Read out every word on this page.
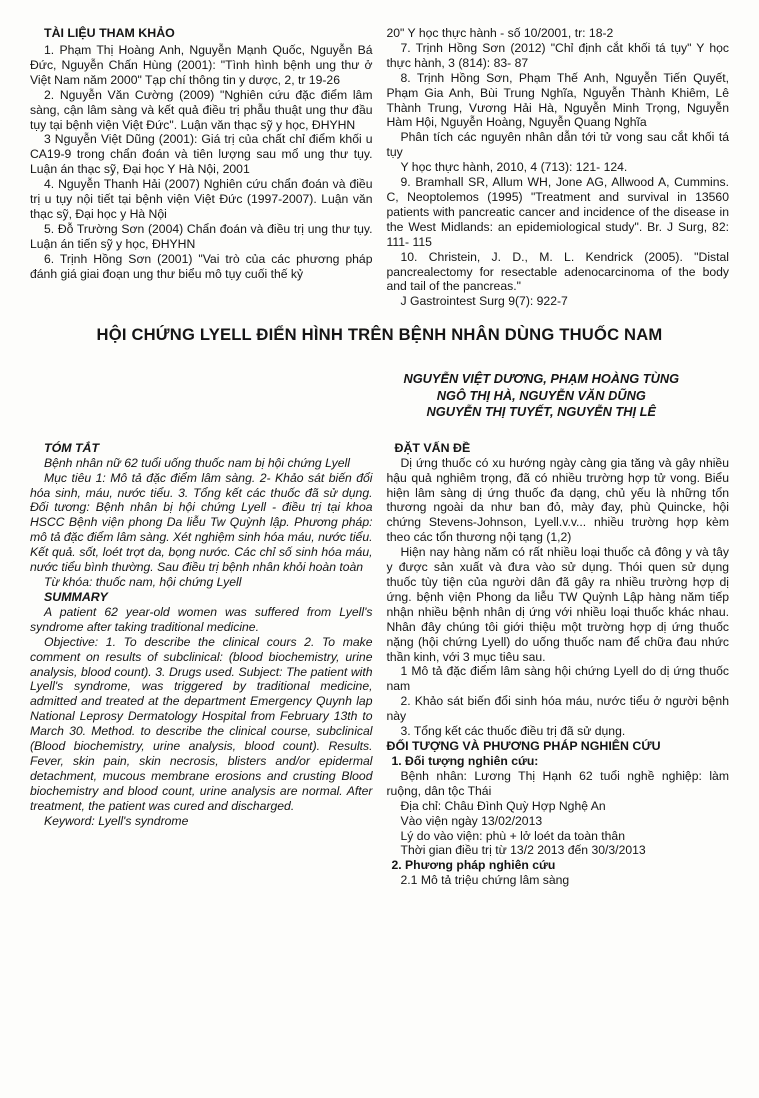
TÀI LIỆU THAM KHẢO

1. Phạm Thị Hoàng Anh, Nguyễn Mạnh Quốc, Nguyễn Bá Đức, Nguyễn Chấn Hùng (2001): "Tình hình bệnh ung thư ở Việt Nam năm 2000" Tạp chí thông tin y dược, 2, tr 19-26

2. Nguyễn Văn Cường (2009) "Nghiên cứu đặc điểm lâm sàng, cận lâm sàng và kết quả điều trị phẫu thuật ung thư đầu tụy tại bệnh viện Việt Đức". Luận văn thạc sỹ y học, ĐHYHN

3 Nguyễn Việt Dũng (2001): Giá trị của chất chỉ điểm khối u CA19-9 trong chẩn đoán và tiên lượng sau mổ ung thư tụy. Luận án thạc sỹ, Đại học Y Hà Nội, 2001

4. Nguyễn Thanh Hải (2007) Nghiên cứu chẩn đoán và điều trị u tụy nội tiết tại bệnh viện Việt Đức (1997-2007). Luận văn thạc sỹ, Đại học y Hà Nội

5. Đỗ Trường Sơn (2004) Chẩn đoán và điều trị ung thư tụy. Luận án tiến sỹ y học, ĐHYHN

6. Trịnh Hồng Sơn (2001) "Vai trò của các phương pháp đánh giá giai đoạn ung thư biểu mô tụy cuối thế kỷ

20" Y học thực hành - số 10/2001, tr: 18-2

7. Trịnh Hồng Sơn (2012) "Chỉ định cắt khối tá tụy" Y học thực hành, 3 (814): 83- 87

8. Trịnh Hồng Sơn, Phạm Thế Anh, Nguyễn Tiến Quyết, Phạm Gia Anh, Bùi Trung Nghĩa, Nguyễn Thành Khiêm, Lê Thành Trung, Vương Hải Hà, Nguyễn Minh Trọng, Nguyễn Hàm Hội, Nguyễn Hoàng, Nguyễn Quang Nghĩa

Phân tích các nguyên nhân dẫn tới tử vong sau cắt khối tá tụy

Y học thực hành, 2010, 4 (713): 121- 124.

9. Bramhall SR, Allum WH, Jone AG, Allwood A, Cummins. C, Neoptolemos (1995) "Treatment and survival in 13560 patients with pancreatic cancer and incidence of the disease in the West Midlands: an epidemiological study". Br. J Surg, 82: 111- 115

10. Christein, J. D., M. L. Kendrick (2005). "Distal pancrealectomy for resectable adenocarcinoma of the body and tail of the pancreas."

J Gastrointest Surg 9(7): 922-7

HỘI CHỨNG LYELL ĐIỂN HÌNH TRÊN BỆNH NHÂN DÙNG THUỐC NAM
NGUYỄN VIỆT DƯƠNG, PHẠM HOÀNG TÙNG
NGÔ THỊ HÀ, NGUYỄN VĂN DŨNG
NGUYỄN THỊ TUYẾT, NGUYỄN THỊ LÊ
TÓM TẮT

Bệnh nhân nữ 62 tuổi uống thuốc nam bị hội chứng Lyell

Mục tiêu 1: Mô tả đặc điểm lâm sàng. 2- Khảo sát biến đổi hóa sinh, máu, nước tiểu. 3. Tổng kết các thuốc đã sử dụng. Đối tương: Bệnh nhân bị hội chứng Lyell - điều trị tại khoa HSCC Bệnh viện phong Da liễu Tw Quỳnh lập. Phương pháp: mô tả đặc điểm lâm sàng. Xét nghiệm sinh hóa máu, nước tiểu. Kết quả. sốt, loét trợt da, bọng nước. Các chỉ số sinh hóa máu, nước tiểu bình thường. Sau điều trị bệnh nhân khỏi hoàn toàn

Từ khóa: thuốc nam, hội chứng Lyell

SUMMARY

A patient 62 year-old women was suffered from Lyell's syndrome after taking traditional medicine.

Objective: 1. To describe the clinical cours 2. To make comment on results of subclinical: (blood biochemistry, urine analysis, blood count). 3. Drugs used. Subject: The patient with Lyell's syndrome, was triggered by traditional medicine, admitted and treated at the department Emergency Quynh lap National Leprosy Dermatology Hospital from February 13th to March 30. Method. to describe the clinical course, subclinical (Blood biochemistry, urine analysis, blood count). Results. Fever, skin pain, skin necrosis, blisters and/or epidermal detachment, mucous membrane erosions and crusting Blood biochemistry and blood count, urine analysis are normal. After treatment, the patient was cured and discharged.

Keyword: Lyell's syndrome

ĐẶT VẤN ĐỀ

Dị ứng thuốc có xu hướng ngày càng gia tăng và gây nhiều hậu quả nghiêm trọng, đã có nhiều trường hợp tử vong. Biểu hiện lâm sàng dị ứng thuốc đa dạng, chủ yếu là những tổn thương ngoài da như ban đỏ, mày đay, phù Quincke, hội chứng Stevens-Johnson, Lyell.v.v... nhiều trường hợp kèm theo các tổn thương nội tạng (1,2)

Hiện nay hàng năm có rất nhiều loại thuốc cả đông y và tây y được sản xuất và đưa vào sử dụng. Thói quen sử dụng thuốc tùy tiện của người dân đã gây ra nhiều trường hợp dị ứng. bệnh viện Phong da liễu TW Quỳnh Lập hàng năm tiếp nhận nhiều bệnh nhân dị ứng với nhiều loại thuốc khác nhau. Nhân đây chúng tôi giới thiệu một trường hợp dị ứng thuốc nặng (hội chứng Lyell) do uống thuốc nam để chữa đau nhức thần kinh, với 3 mục tiêu sau.

1 Mô tả đặc điểm lâm sàng hội chứng Lyell do dị ứng thuốc nam

2. Khảo sát biến đổi sinh hóa máu, nước tiểu ở người bệnh này

3. Tổng kết các thuốc điều trị đã sử dụng.

ĐỐI TƯỢNG VÀ PHƯƠNG PHÁP NGHIÊN CỨU
1. Đối tượng nghiên cứu:

Bệnh nhân: Lương Thị Hạnh 62 tuổi nghề nghiệp: làm ruộng, dân tộc Thái

Địa chỉ: Châu Đình Quỳ Hợp Nghệ An

Vào viện ngày 13/02/2013

Lý do vào viện: phù + lở loét da toàn thân

Thời gian điều trị từ 13/2 2013 đến 30/3/2013

2. Phương pháp nghiên cứu

2.1 Mô tả triệu chứng lâm sàng
